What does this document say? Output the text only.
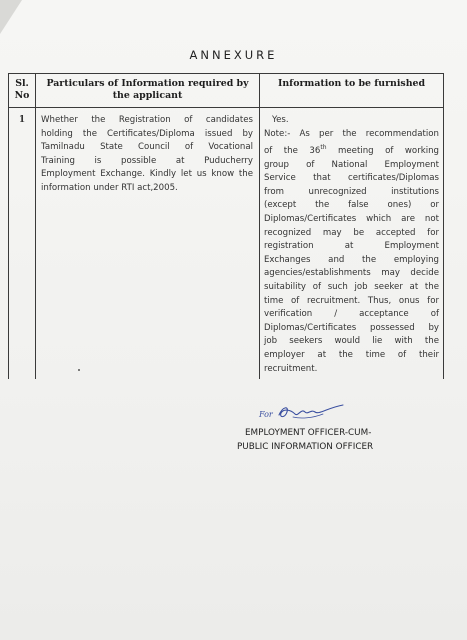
ANNEXURE
Sl.
No
Particulars of Information required by
the applicant
Information to be furnished
1	Whether the Registration of candidates
holding the Certificates/Diploma issued by
Tamilnadu State Council of Vocational
Training is possible at Puducherry
Employment Exchange. Kindly let us know the
information under RTI act,2005.
Yes.
Note:- As per the recommendation
of the 36th meeting of working
group of National Employment
Service that certificates/Diplomas
from unrecognized institutions
(except the false ones) or
Diplomas/Certificates which are not
recognized may be accepted for
registration at Employment
Exchanges and the employing
agencies/establishments may decide
suitability of such job seeker at the
time of recruitment. Thus, onus for
verification / acceptance of
Diplomas/Certificates possessed by
job seekers would lie with the
employer at the time of their
recruitment.
For
EMPLOYMENT OFFICER-CUM-
PUBLIC INFORMATION OFFICER
